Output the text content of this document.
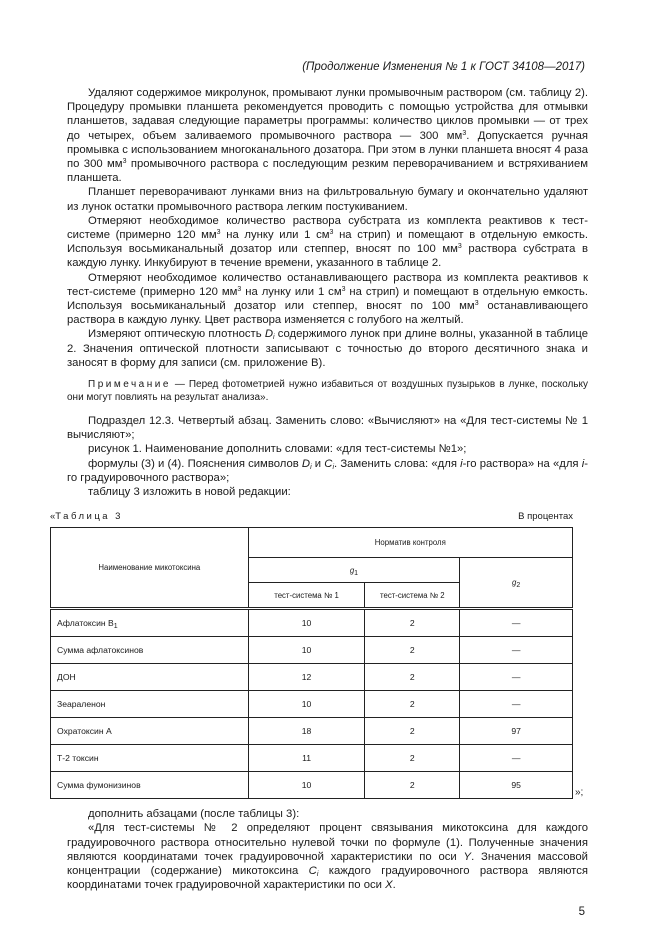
(Продолжение Изменения № 1 к ГОСТ 34108—2017)

Удаляют содержимое микролунок, промывают лунки промывочным раствором (см. таблицу 2). Процедуру промывки планшета рекомендуется проводить с помощью устройства для отмывки планшетов, задавая следующие параметры программы: количество циклов промывки — от трех до четырех, объем заливаемого промывочного раствора — 300 $мм^3$. Допускается ручная промывка с использованием многоканального дозатора. При этом в лунки планшета вносят 4 раза по 300 $мм^3$ промывочного раствора с последующим резким переворачиванием и встряхиванием планшета.

Планшет переворачивают лунками вниз на фильтровальную бумагу и окончательно удаляют из лунок остатки промывочного раствора легким постукиванием.

Отмеряют необходимое количество раствора субстрата из комплекта реактивов к тест-системе (примерно 120 $мм^3$ на лунку или 1 $см^3$ на стрип) и помещают в отдельную емкость. Используя восьмиканальный дозатор или степпер, вносят по 100 $мм^3$ раствора субстрата в каждую лунку. Инкубируют в течение времени, указанного в таблице 2.

Отмеряют необходимое количество останавливающего раствора из комплекта реактивов к тест-системе (примерно 120 $мм^3$ на лунку или 1 $см^3$ на стрип) и помещают в отдельную емкость. Используя восьмиканальный дозатор или степпер, вносят по 100 $мм^3$ останавливающего раствора в каждую лунку. Цвет раствора изменяется с голубого на желтый.

Измеряют оптическую плотность $D_i$ содержимого лунок при длине волны, указанной в таблице 2. Значения оптической плотности записывают с точностью до второго десятичного знака и заносят в форму для записи (см. приложение В).

Примечание — Перед фотометрией нужно избавиться от воздушных пузырьков в лунке, поскольку они могут повлиять на результат анализа».

Подраздел 12.3. Четвертый абзац. Заменить слово: «Вычисляют» на «Для тест-системы № 1 вычисляют»;

рисунок 1. Наименование дополнить словами: «для тест-системы №1»;

формулы (3) и (4). Пояснения символов $D_i$ и $C_i$. Заменить слова: «для i-го раствора» на «для i-го градуировочного раствора»;

таблицу 3 изложить в новой редакции:

«Таблица 3	В процентах
Наименование микотоксина	Норматив контроля		
	$g_1$		$g_2$
	тест-система № 1	тест-система № 2	
Афлатоксин $B_1$	10	2	—
Сумма афлатоксинов	10	2	—
ДОН	12	2	—
Зеараленон	10	2	—
Охратоксин А	18	2	97
Т-2 токсин	11	2	—
Сумма фумонизинов	10	2	95
»;

дополнить абзацами (после таблицы 3):

«Для тест-системы № 2 определяют процент связывания микотоксина для каждого градуировочного раствора относительно нулевой точки по формуле (1). Полученные значения являются координатами точек градуировочной характеристики по оси Y. Значения массовой концентрации (содержание) микотоксина $C_i$ каждого градуировочного раствора являются координатами точек градуировочной характеристики по оси X.

5
